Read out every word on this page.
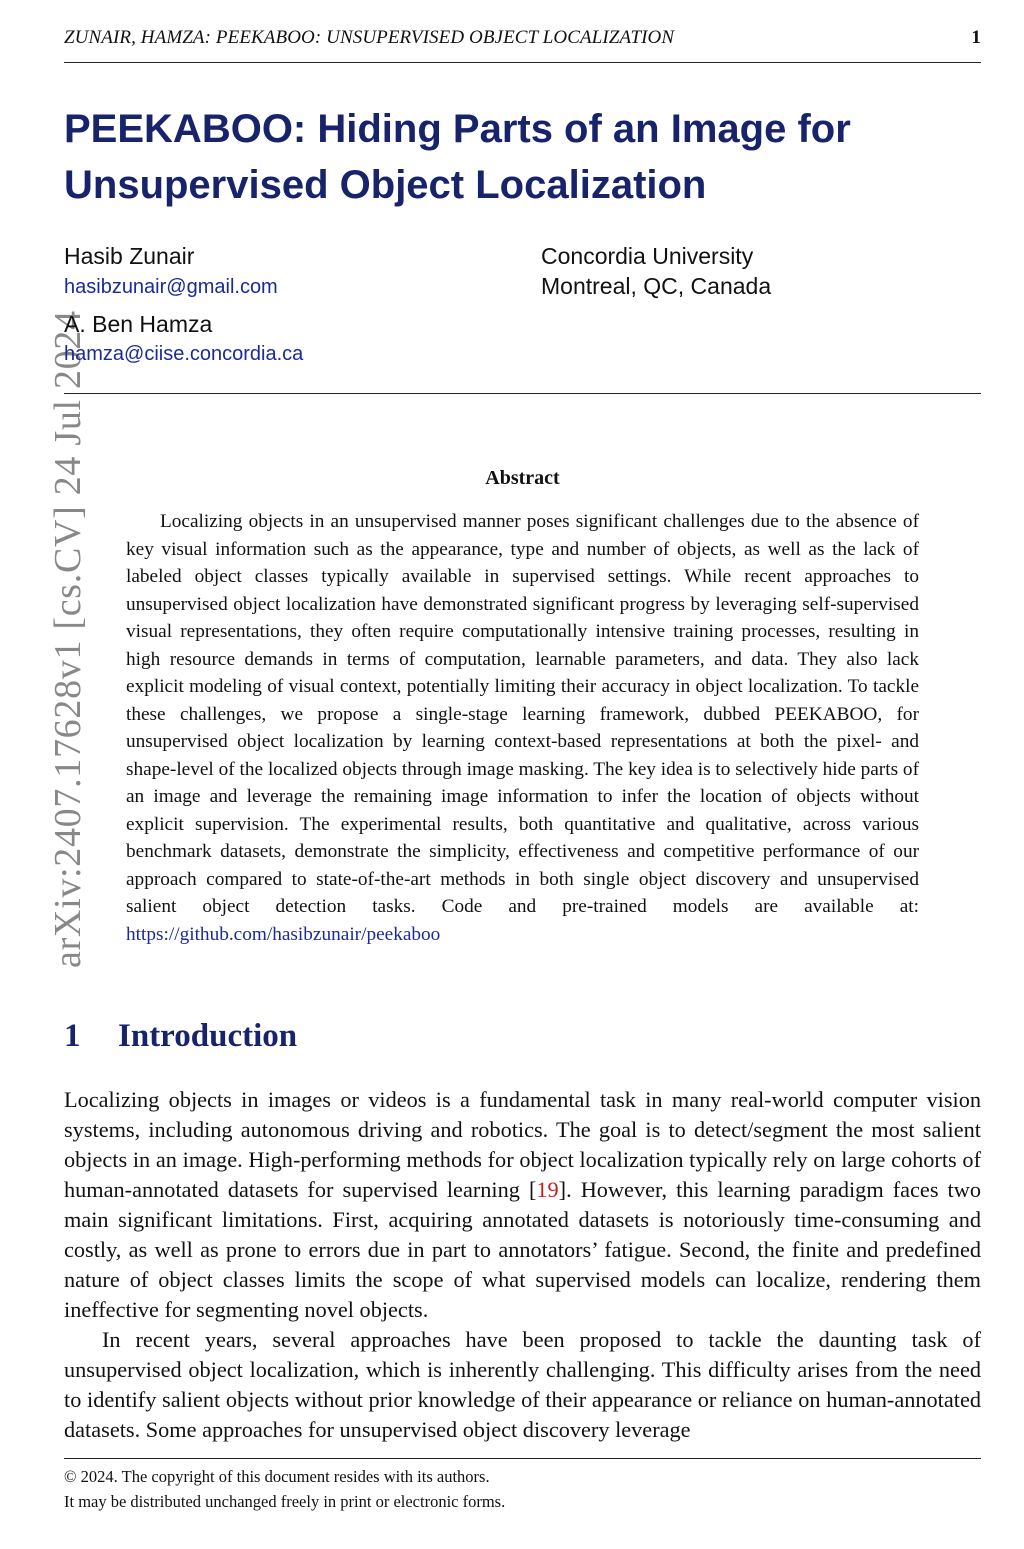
ZUNAIR, HAMZA: PEEKABOO: UNSUPERVISED OBJECT LOCALIZATION	1
arXiv:2407.17628v1 [cs.CV] 24 Jul 2024
PEEKABOO: Hiding Parts of an Image for
Unsupervised Object Localization
Hasib Zunair
hasibzunair@gmail.com
A. Ben Hamza
hamza@ciise.concordia.ca
Concordia University
Montreal, QC, Canada
Abstract
Localizing objects in an unsupervised manner poses significant challenges due to the absence of key visual information such as the appearance, type and number of objects, as well as the lack of labeled object classes typically available in supervised settings. While recent approaches to unsupervised object localization have demonstrated significant progress by leveraging self-supervised visual representations, they often require computationally intensive training processes, resulting in high resource demands in terms of computation, learnable parameters, and data. They also lack explicit modeling of visual context, potentially limiting their accuracy in object localization. To tackle these challenges, we propose a single-stage learning framework, dubbed PEEKABOO, for unsupervised object localization by learning context-based representations at both the pixel- and shape-level of the localized objects through image masking. The key idea is to selectively hide parts of an image and leverage the remaining image information to infer the location of objects without explicit supervision. The experimental results, both quantitative and qualitative, across various benchmark datasets, demonstrate the simplicity, effectiveness and competitive performance of our approach compared to state-of-the-art methods in both single object discovery and unsupervised salient object detection tasks. Code and pre-trained models are available at: https://github.com/hasibzunair/peekaboo
1 Introduction

Localizing objects in images or videos is a fundamental task in many real-world computer vision systems, including autonomous driving and robotics. The goal is to detect/segment the most salient objects in an image. High-performing methods for object localization typically rely on large cohorts of human-annotated datasets for supervised learning [19]. However, this learning paradigm faces two main significant limitations. First, acquiring annotated datasets is notoriously time-consuming and costly, as well as prone to errors due in part to annotators’ fatigue. Second, the finite and predefined nature of object classes limits the scope of what supervised models can localize, rendering them ineffective for segmenting novel objects.

In recent years, several approaches have been proposed to tackle the daunting task of unsupervised object localization, which is inherently challenging. This difficulty arises from the need to identify salient objects without prior knowledge of their appearance or reliance on human-annotated datasets. Some approaches for unsupervised object discovery leverage

© 2024. The copyright of this document resides with its authors.
It may be distributed unchanged freely in print or electronic forms.
